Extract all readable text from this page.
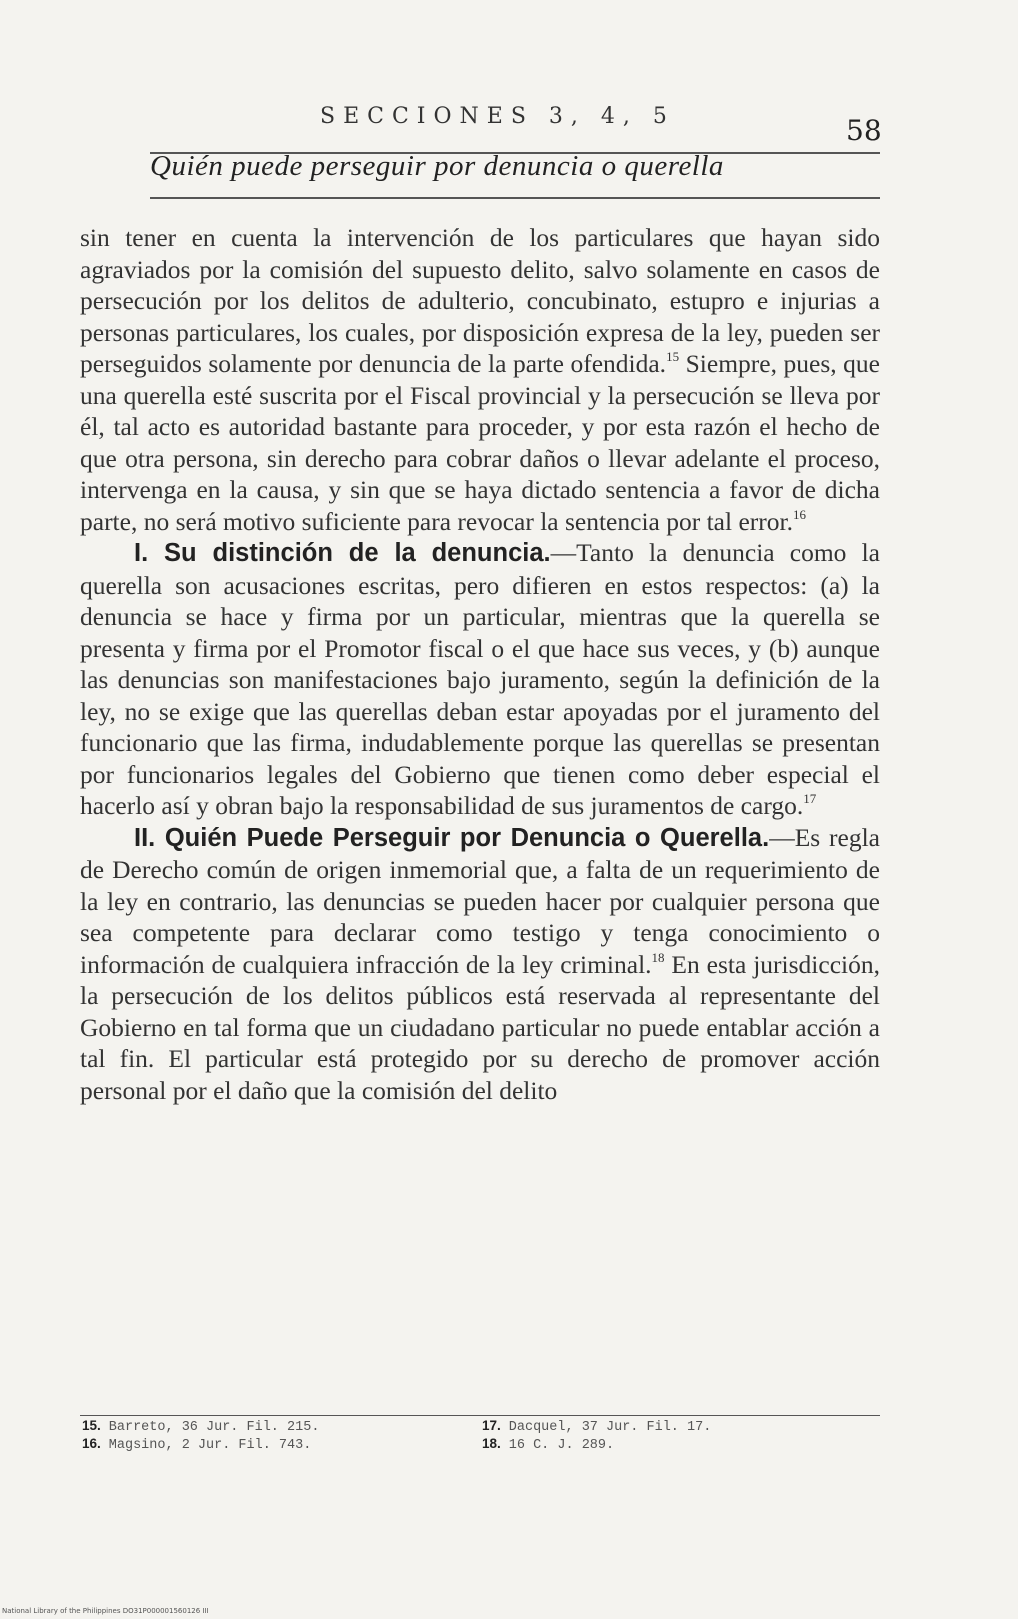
SECCIONES 3, 4, 5	58
Quién puede perseguir por denuncia o querella

sin tener en cuenta la intervención de los particulares que hayan sido agraviados por la comisión del supuesto delito, salvo solamente en casos de persecución por los delitos de adulterio, concubinato, estupro e injurias a personas particulares, los cuales, por disposición expresa de la ley, pueden ser perseguidos solamente por denuncia de la parte ofendida.$^{15}$ Siempre, pues, que una querella esté suscrita por el Fiscal provincial y la persecución se lleva por él, tal acto es autoridad bastante para proceder, y por esta razón el hecho de que otra persona, sin derecho para cobrar daños o llevar adelante el proceso, intervenga en la causa, y sin que se haya dictado sentencia a favor de dicha parte, no será motivo suficiente para revocar la sentencia por tal error.$^{16}$

I. Su distinción de la denuncia.—Tanto la denuncia como la querella son acusaciones escritas, pero difieren en estos respectos: (a) la denuncia se hace y firma por un particular, mientras que la querella se presenta y firma por el Promotor fiscal o el que hace sus veces, y (b) aunque las denuncias son manifestaciones bajo juramento, según la definición de la ley, no se exige que las querellas deban estar apoyadas por el juramento del funcionario que las firma, indudablemente porque las querellas se presentan por funcionarios legales del Gobierno que tienen como deber especial el hacerlo así y obran bajo la responsabilidad de sus juramentos de cargo.$^{17}$

II. Quién Puede Perseguir por Denuncia o Querella.—Es regla de Derecho común de origen inmemorial que, a falta de un requerimiento de la ley en contrario, las denuncias se pueden hacer por cualquier persona que sea competente para declarar como testigo y tenga conocimiento o información de cualquiera infracción de la ley criminal.$^{18}$ En esta jurisdicción, la persecución de los delitos públicos está reservada al representante del Gobierno en tal forma que un ciudadano particular no puede entablar acción a tal fin. El particular está protegido por su derecho de promover acción personal por el daño que la comisión del delito

15. Barreto, 36 Jur. Fil. 215.
16. Magsino, 2 Jur. Fil. 743.
17. Dacquel, 37 Jur. Fil. 17.
18. 16 C. J. 289.
National Library of the Philippines DO31P000001560126 III
